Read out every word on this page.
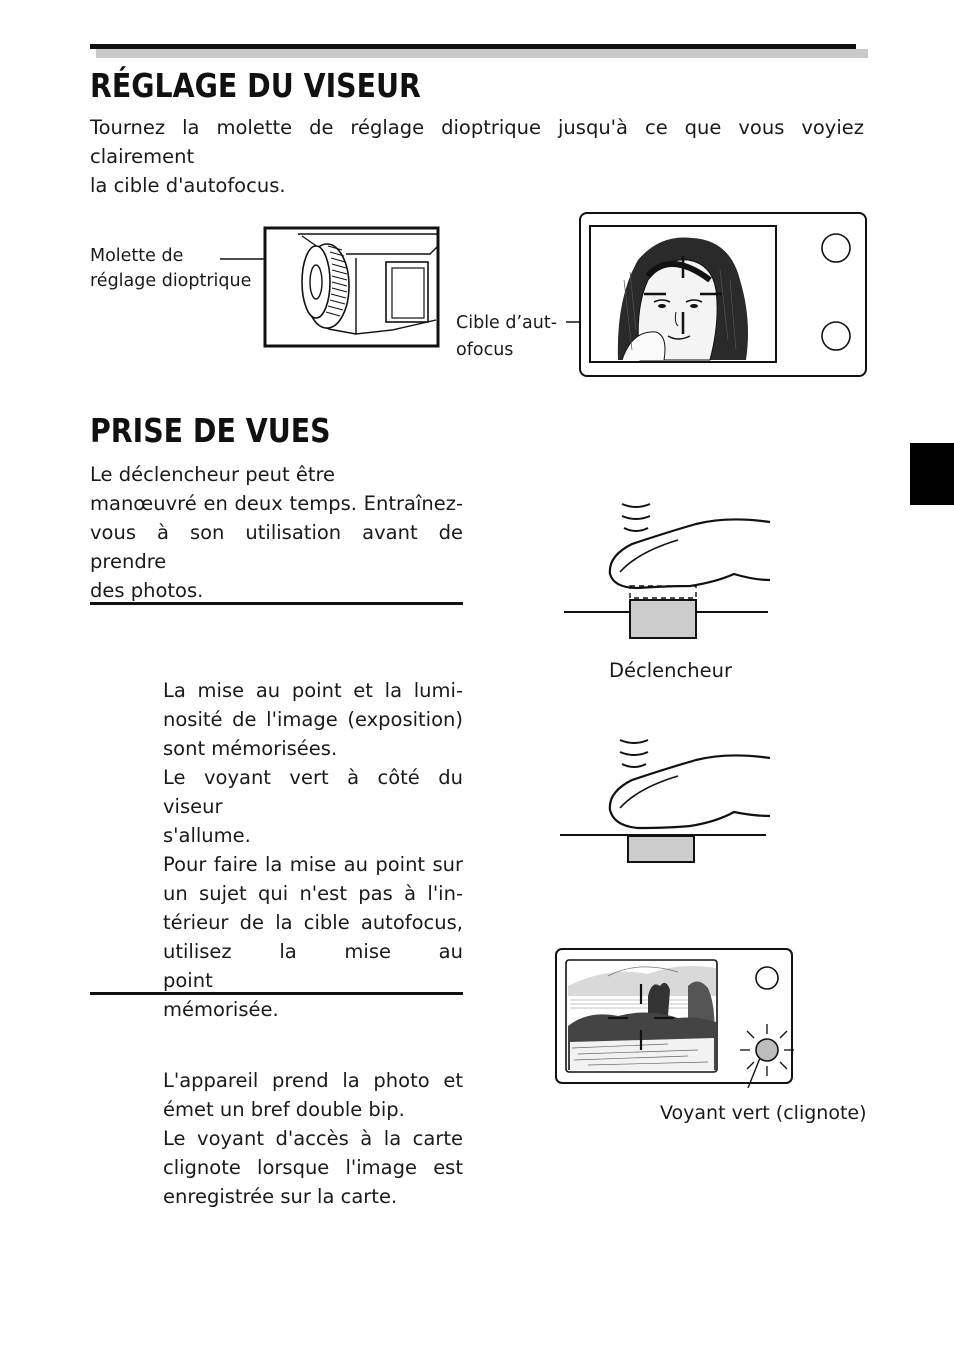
RÉGLAGE DU VISEUR
Tournez la molette de réglage dioptrique jusqu'à ce que vous voyiez clairement
la cible d'autofocus.
Molette de
réglage dioptrique
Cible d’aut-
ofocus
PRISE DE VUES
Le déclencheur peut être
manœuvré en deux temps. Entraînez-
vous à son utilisation avant de prendre
des photos.
La mise au point et la lumi-
nosité de l'image (exposition)
sont mémorisées.
Le voyant vert à côté du viseur
s'allume.
Pour faire la mise au point sur
un sujet qui n'est pas à l'in-
térieur de la cible autofocus,
utilisez la mise au point
mémorisée.
L'appareil prend la photo et
émet un bref double bip.
Le voyant d'accès à la carte
clignote lorsque l'image est
enregistrée sur la carte.
Déclencheur
Voyant vert (clignote)
